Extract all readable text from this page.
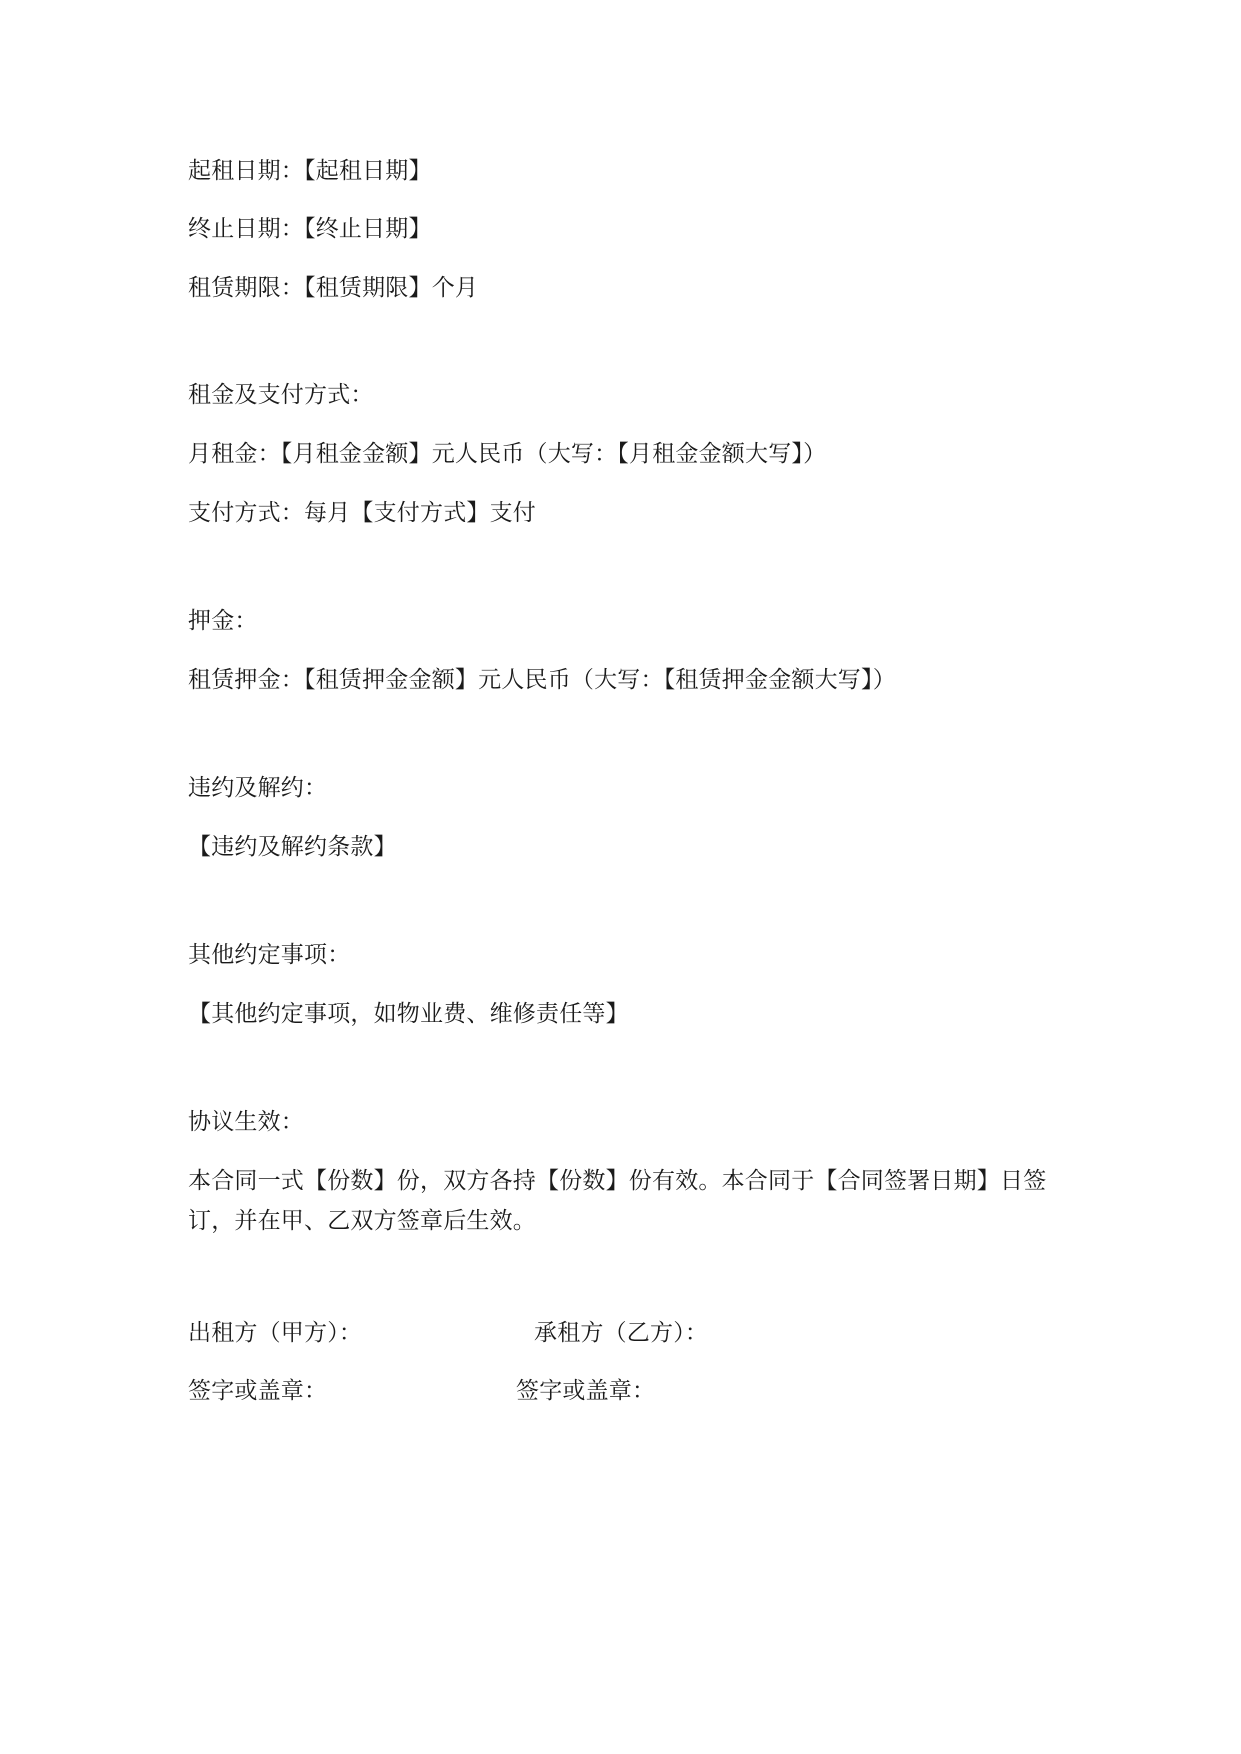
起租日期：【起租日期】
终止日期：【终止日期】
租赁期限：【租赁期限】个月
租金及支付方式：
月租金：【月租金金额】元人民币（大写：【月租金金额大写】）
支付方式：每月【支付方式】支付
押金：
租赁押金：【租赁押金金额】元人民币（大写：【租赁押金金额大写】）
违约及解约：
【违约及解约条款】
其他约定事项：
【其他约定事项，如物业费、维修责任等】
协议生效：
本合同一式【份数】份，双方各持【份数】份有效。本合同于【合同签署日期】日签订，并在甲、乙双方签章后生效。
出租方（甲方）：	承租方（乙方）：
签字或盖章：	签字或盖章：
